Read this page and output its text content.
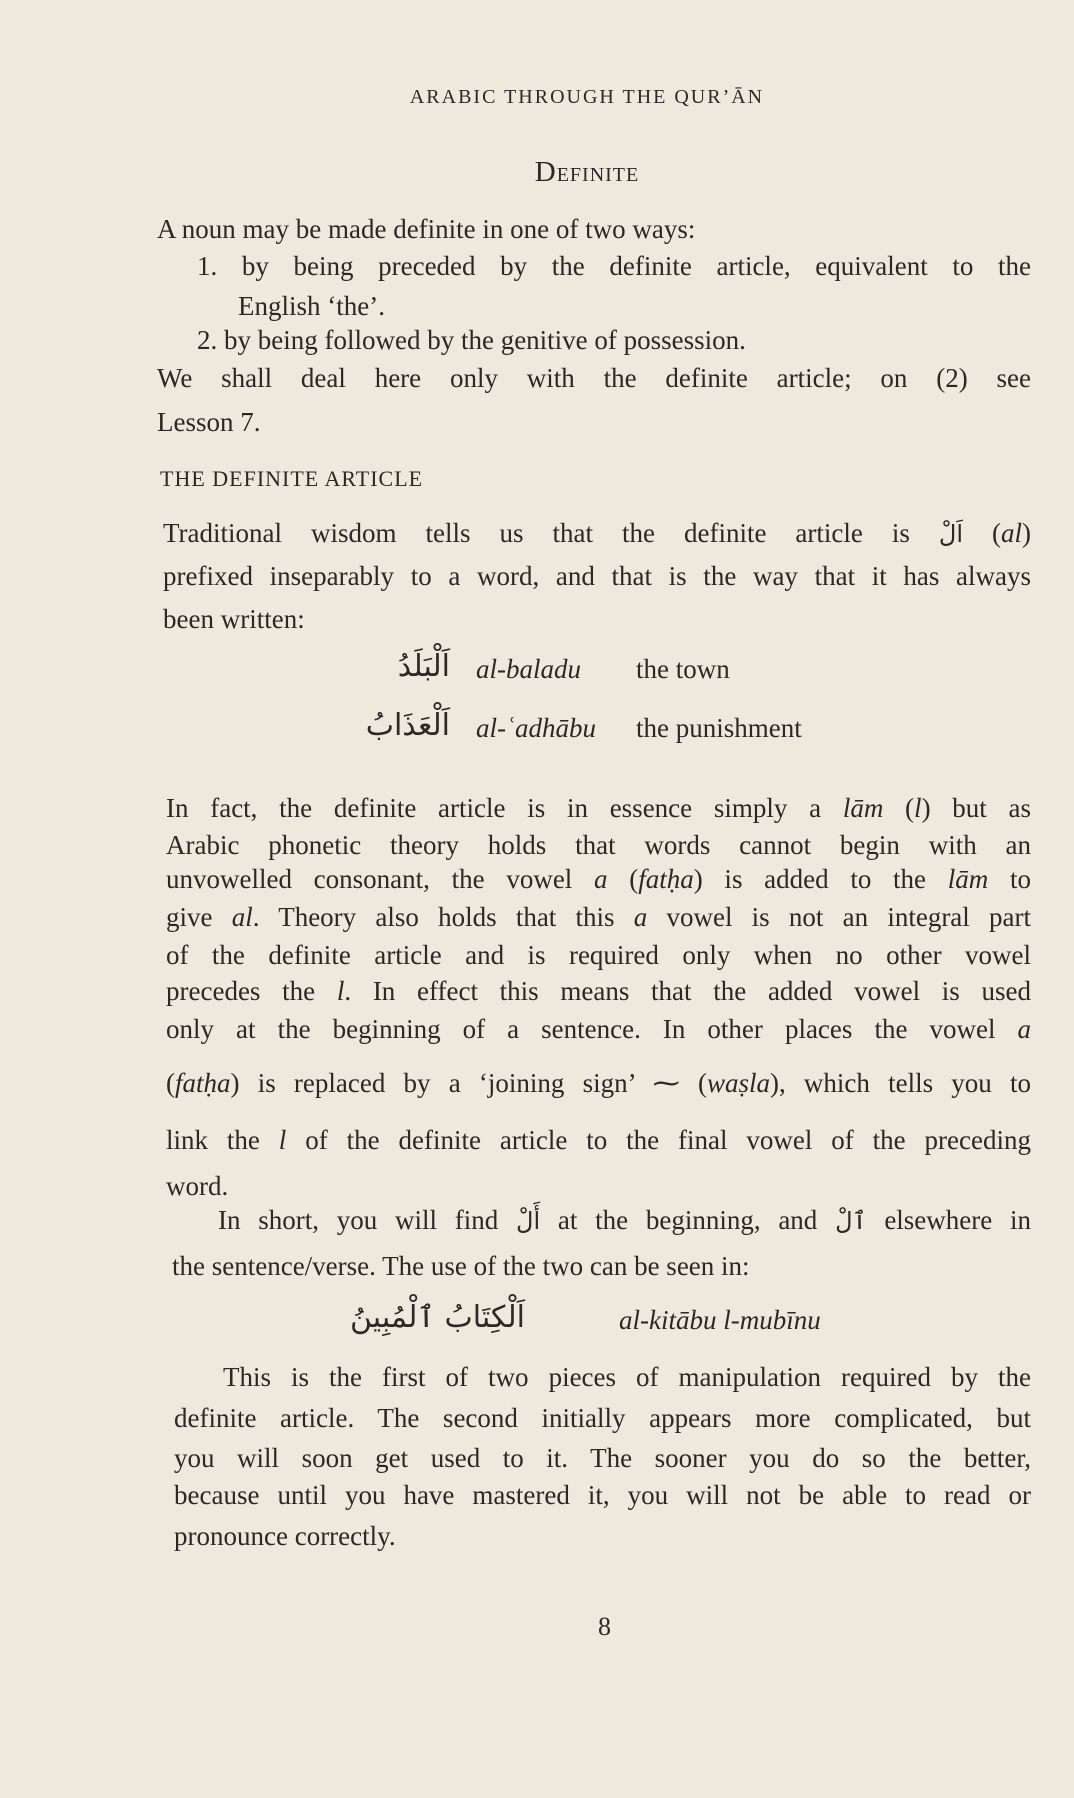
ARABIC THROUGH THE QUR’ĀN
Definite
THE DEFINITE ARTICLE
A noun may be made definite in one of two ways:
1. by being preceded by the definite article, equivalent to the
English ‘the’.
2. by being followed by the genitive of possession.
We shall deal here only with the definite article; on (2) see
Lesson 7.
Traditional wisdom tells us that the definite article is اَلْ (al)
prefixed inseparably to a word, and that is the way that it has always
been written:
In fact, the definite article is in essence simply a lām (l) but as
Arabic phonetic theory holds that words cannot begin with an
unvowelled consonant, the vowel a (fatḥa) is added to the lām to
give al. Theory also holds that this a vowel is not an integral part
of the definite article and is required only when no other vowel
precedes the l. In effect this means that the added vowel is used
only at the beginning of a sentence. In other places the vowel a
(fatḥa) is replaced by a ‘joining sign’ ⁓ (waṣla), which tells you to
link the l of the definite article to the final vowel of the preceding
word.
In short, you will find أَلْ at the beginning, and ٱلْ elsewhere in
the sentence/verse. The use of the two can be seen in:
This is the first of two pieces of manipulation required by the
definite article. The second initially appears more complicated, but
you will soon get used to it. The sooner you do so the better,
because until you have mastered it, you will not be able to read or
pronounce correctly.
اَلْبَلَدُ al-baladu the town
اَلْعَذَابُ al-ʿadhābu the punishment
اَلْكِتَابُ ٱلْمُبِينُ	al-kitābu l-mubīnu
8
